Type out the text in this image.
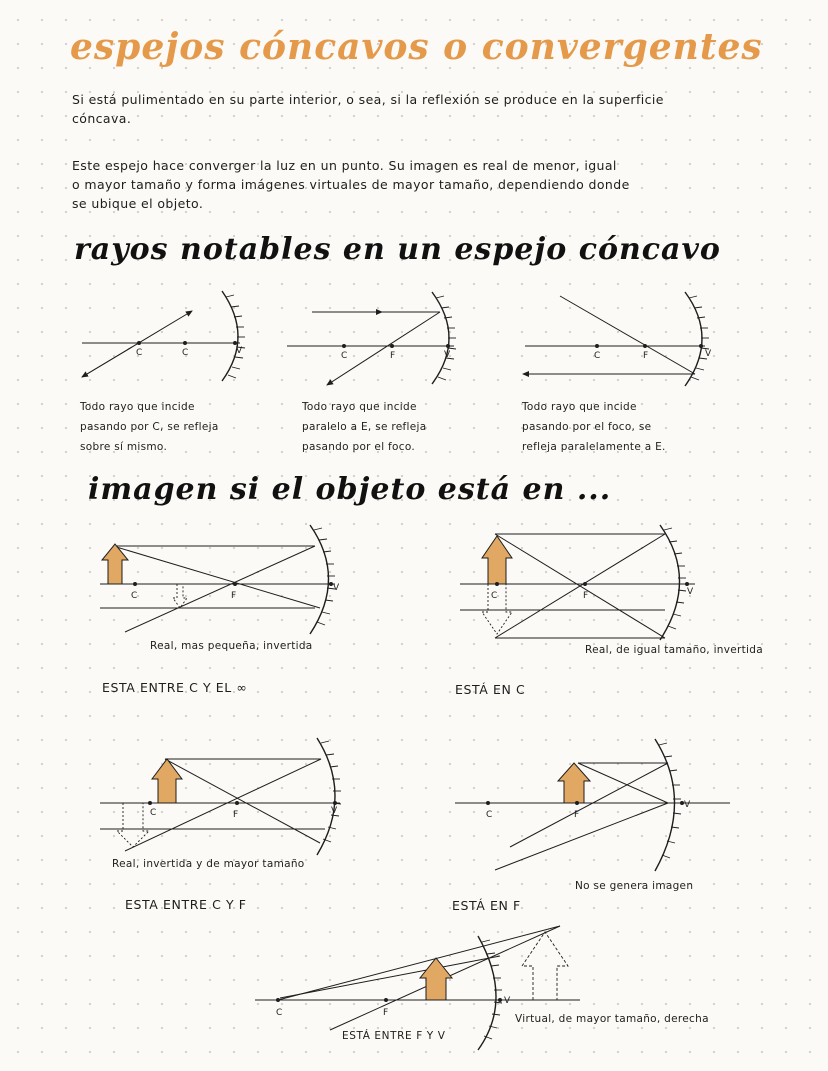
espejos cóncavos o convergentes
Si está pulimentado en su parte interior, o sea, si la reflexión se produce en la superficie
cóncava.
Este espejo hace converger la luz en un punto. Su imagen es real de menor, igual
o mayor tamaño y forma imágenes virtuales de mayor tamaño, dependiendo donde
se ubique el objeto.
rayos notables en un espejo cóncavo
C	C	V	C	F	V	C	F	V
Todo rayo que incide
pasando por C, se refleja
sobre sí mismo.
Todo rayo que incide
paralelo a E, se refleja
pasando por el foco.
Todo rayo que incide
pasando por el foco, se
refleja paralelamente a E.
imagen si el objeto está en ...
C	F
V
Real, mas pequeña, invertida
ESTA ENTRE C Y EL ∞
C	F	V
Real, de igual tamaño, invertida
ESTÁ EN C
C	F	V
Real, invertida y de mayor tamaño
ESTA ENTRE C Y F
C	F
V
No se genera imagen
ESTÁ EN F
C	F
V
Virtual, de mayor tamaño, derecha
ESTÁ ENTRE F Y V
